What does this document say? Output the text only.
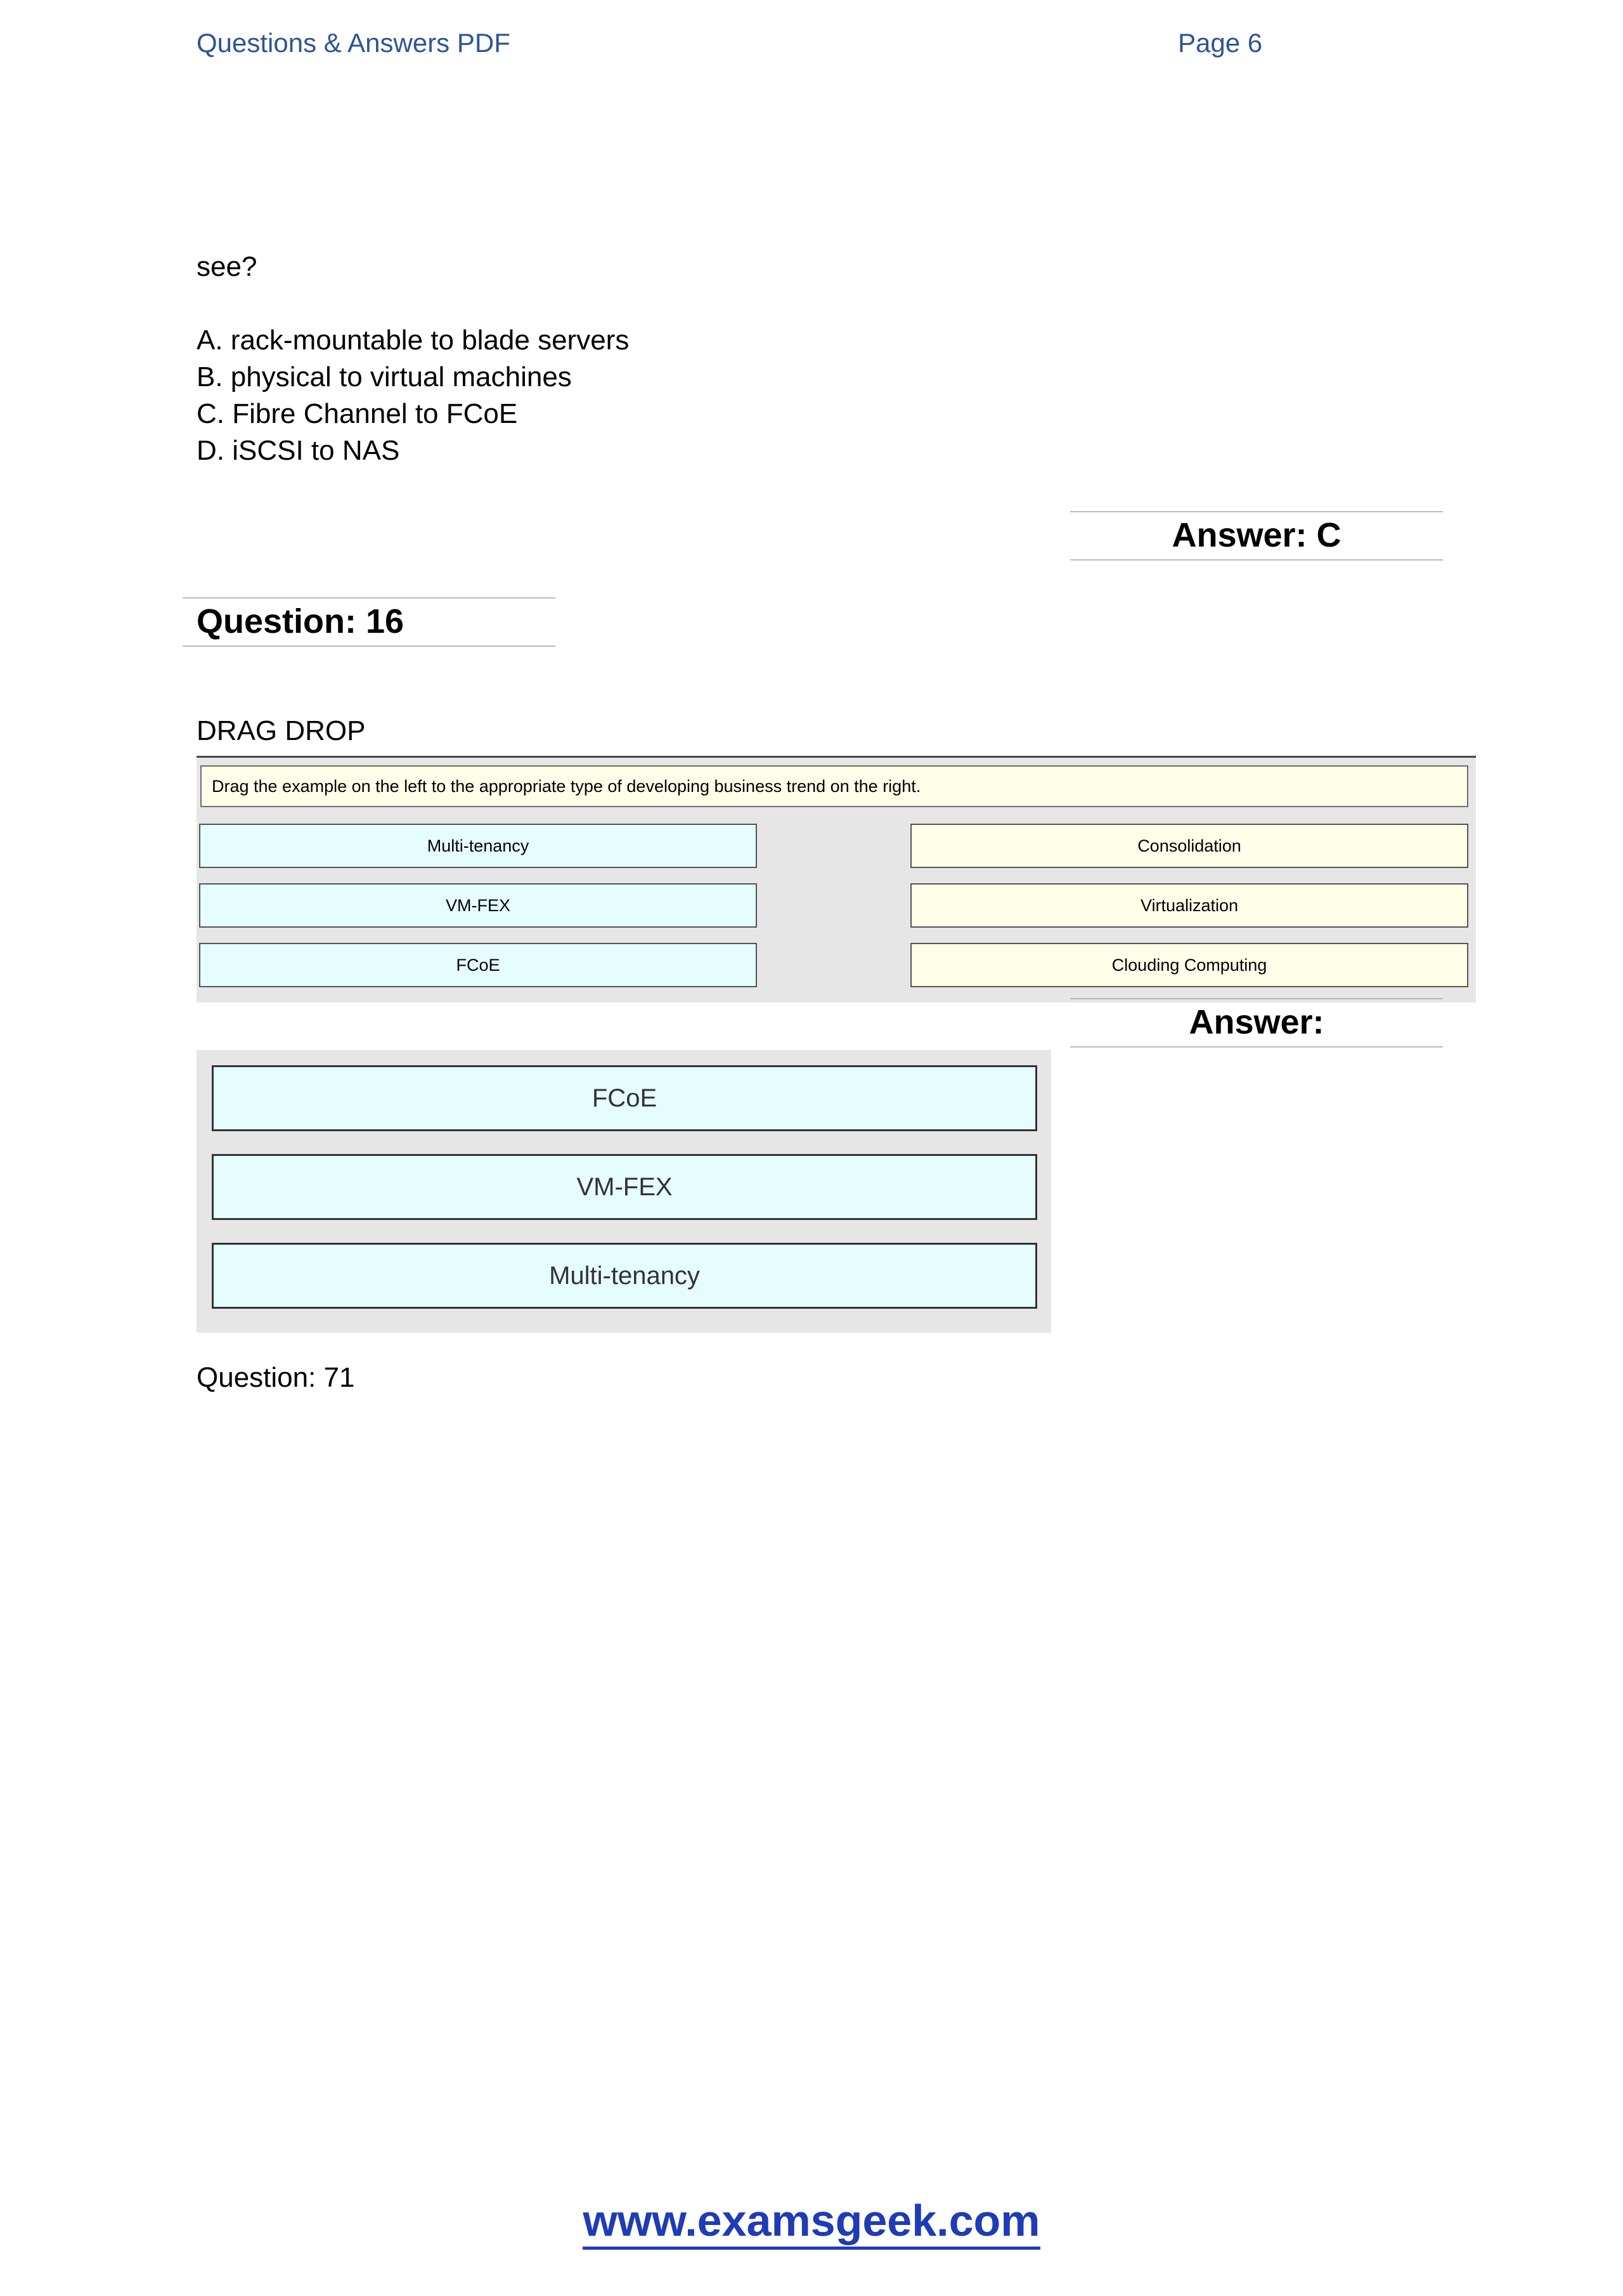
Questions & Answers PDF	Page 6
see?
A. rack-mountable to blade servers
B. physical to virtual machines
C. Fibre Channel to FCoE
D. iSCSI to NAS
Answer: C
Question: 16
DRAG DROP
Drag the example on the left to the appropriate type of developing business trend on the right.
Multi-tenancy
VM-FEX
FCoE
Consolidation
Virtualization
Clouding Computing
Answer:
FCoE
VM-FEX
Multi-tenancy
Question: 71
www.examsgeek.com
